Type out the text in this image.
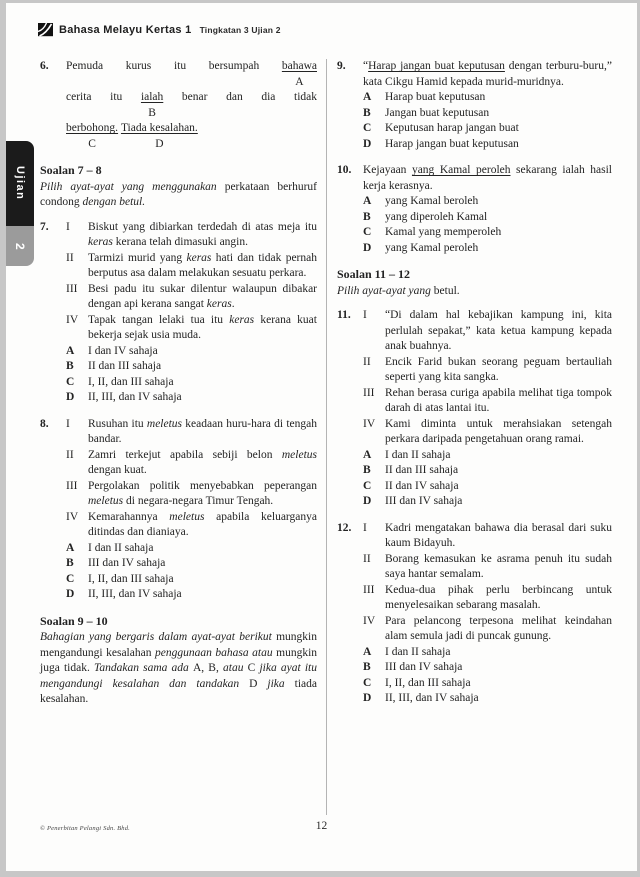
Bahasa Melayu Kertas 1 Tingkatan 3 Ujian 2
Ujian
2
6.	Pemuda kurus itu bersumpah bahawa
A
cerita itu ialah
B
benar dan dia tidak
berbohong.
C

Tiada kesalahan.
D
Soalan 7 – 8
Pilih ayat-ayat yang menggunakan perkataan berhuruf condong dengan betul.
7.	I	Biskut yang dibiarkan terdedah di atas meja itu keras kerana telah dimasuki angin.
II	Tarmizi murid yang keras hati dan tidak pernah berputus asa dalam melakukan sesuatu perkara.
III Besi padu itu sukar dilentur walaupun dibakar dengan api kerana sangat keras.
IV Tapak tangan lelaki tua itu keras kerana kuat bekerja sejak usia muda.
A	I dan IV sahaja
B	II dan III sahaja
C	I, II, dan III sahaja
D	II, III, dan IV sahaja
8.	I	Rusuhan itu meletus keadaan huru-hara di tengah bandar.
II	Zamri terkejut apabila sebiji belon meletus dengan kuat.
III Pergolakan politik menyebabkan peperangan meletus di negara-negara Timur Tengah.
IV Kemarahannya meletus apabila keluarganya ditindas dan dianiaya.
A	I dan II sahaja
B	III dan IV sahaja
C	I, II, dan III sahaja
D	II, III, dan IV sahaja
Soalan 9 – 10
Bahagian yang bergaris dalam ayat-ayat berikut mungkin mengandungi kesalahan penggunaan bahasa atau mungkin juga tidak. Tandakan sama ada A, B, atau C jika ayat itu mengandungi kesalahan dan tandakan D jika tiada kesalahan.
9.	“Harap jangan buat keputusan dengan terburu-buru,” kata Cikgu Hamid kepada murid-muridnya.
A	Harap buat keputusan
B	Jangan buat keputusan
C	Keputusan harap jangan buat
D	Harap jangan buat keputusan
10.	Kejayaan yang Kamal peroleh sekarang ialah hasil kerja kerasnya.
A	yang Kamal beroleh
B	yang diperoleh Kamal
C	Kamal yang memperoleh
D	yang Kamal peroleh
Soalan 11 – 12
Pilih ayat-ayat yang betul.
11.	I	“Di dalam hal kebajikan kampung ini, kita perlulah sepakat,” kata ketua kampung kepada anak buahnya.
II	Encik Farid bukan seorang peguam bertauliah seperti yang kita sangka.
III Rehan berasa curiga apabila melihat tiga tompok darah di atas lantai itu.
IV Kami diminta untuk merahsiakan setengah perkara daripada pengetahuan orang ramai.
A	I dan II sahaja
B	II dan III sahaja
C	II dan IV sahaja
D	III dan IV sahaja
12.	I	Kadri mengatakan bahawa dia berasal dari suku kaum Bidayuh.
II	Borang kemasukan ke asrama penuh itu sudah saya hantar semalam.
III Kedua-dua pihak perlu berbincang untuk menyelesaikan sebarang masalah.
IV Para pelancong terpesona melihat keindahan alam semula jadi di puncak gunung.
A	I dan II sahaja
B	III dan IV sahaja
C	I, II, dan III sahaja
D	II, III, dan IV sahaja
© Penerbitan Pelangi Sdn. Bhd.	12
